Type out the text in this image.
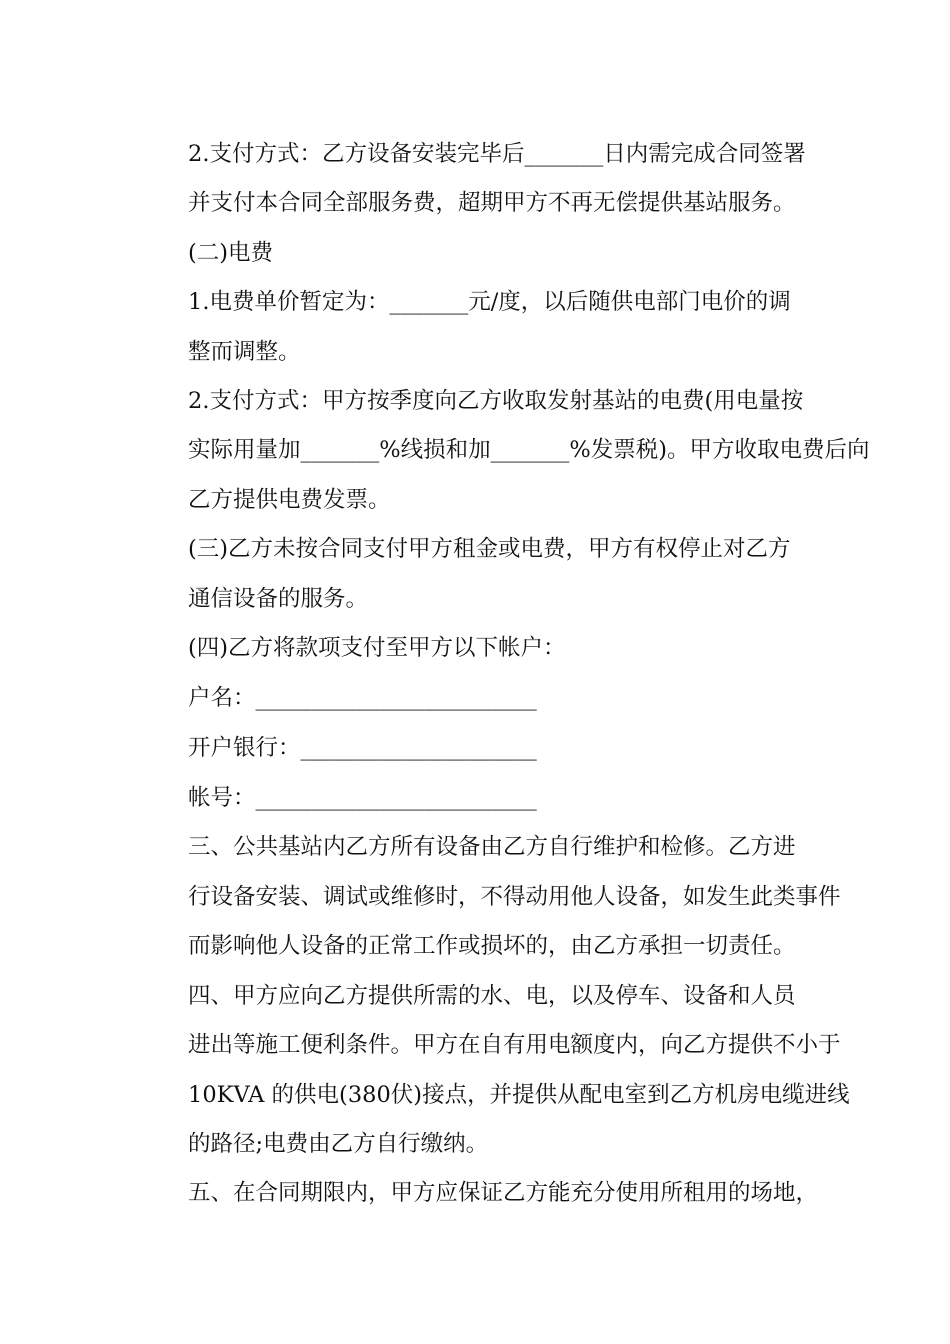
2.支付方式：乙方设备安装完毕后_______日内需完成合同签署
并支付本合同全部服务费，超期甲方不再无偿提供基站服务。

(二)电费

1.电费单价暂定为：_______元/度，以后随供电部门电价的调
整而调整。

2.支付方式：甲方按季度向乙方收取发射基站的电费(用电量按
实际用量加_______%线损和加_______%发票税)。甲方收取电费后向
乙方提供电费发票。

(三)乙方未按合同支付甲方租金或电费，甲方有权停止对乙方
通信设备的服务。

(四)乙方将款项支付至甲方以下帐户：

户名：_________________________

开户银行：_____________________

帐号：_________________________

三、公共基站内乙方所有设备由乙方自行维护和检修。乙方进
行设备安装、调试或维修时，不得动用他人设备，如发生此类事件
而影响他人设备的正常工作或损坏的，由乙方承担一切责任。

四、甲方应向乙方提供所需的水、电，以及停车、设备和人员
进出等施工便利条件。甲方在自有用电额度内，向乙方提供不小于
10KVA 的供电(380伏)接点，并提供从配电室到乙方机房电缆进线
的路径;电费由乙方自行缴纳。

五、在合同期限内，甲方应保证乙方能充分使用所租用的场地，
